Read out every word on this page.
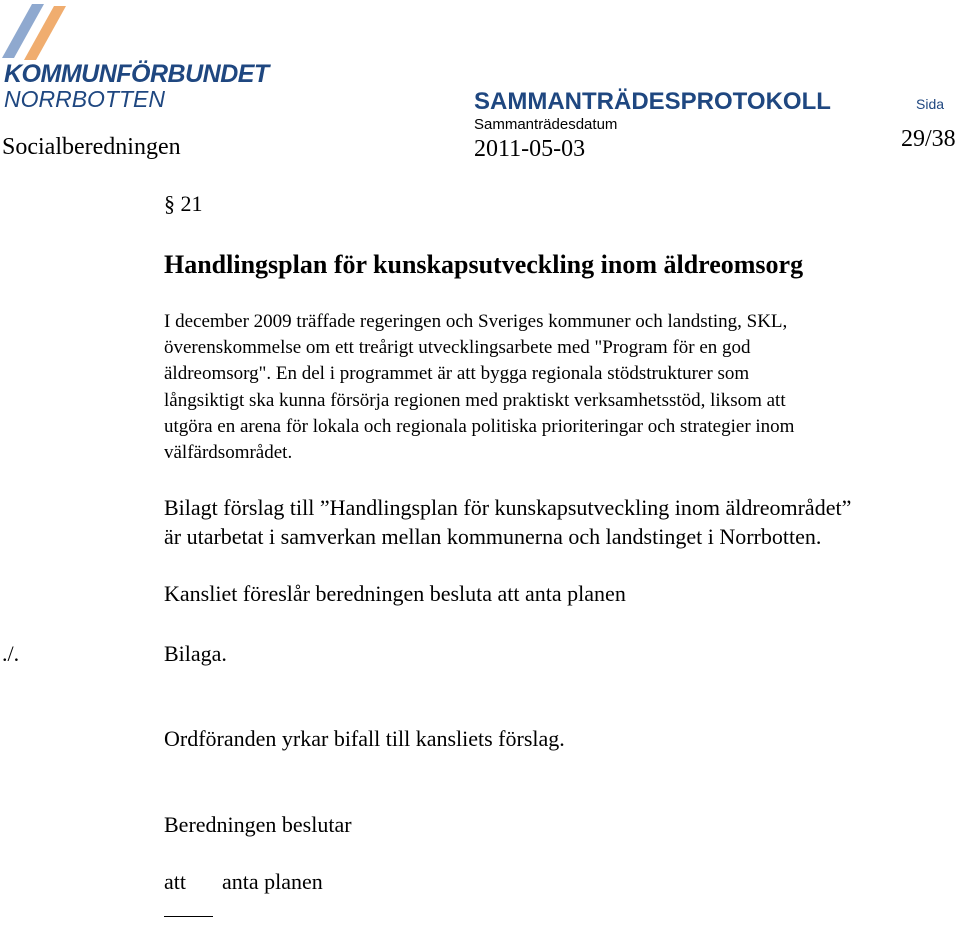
KOMMUNFÖRBUNDET
NORRBOTTEN	SAMMANTRÄDESPROTOKOLL	Sida
Sammanträdesdatum
Socialberedningen	2011-05-03	29/38
§ 21
Handlingsplan för kunskapsutveckling inom äldreomsorg
I december 2009 träffade regeringen och Sveriges kommuner och landsting, SKL,
överenskommelse om ett treårigt utvecklingsarbete med "Program för en god
äldreomsorg". En del i programmet är att bygga regionala stödstrukturer som
långsiktigt ska kunna försörja regionen med praktiskt verksamhetsstöd, liksom att
utgöra en arena för lokala och regionala politiska prioriteringar och strategier inom
välfärdsområdet.
Bilagt förslag till ”Handlingsplan för kunskapsutveckling inom äldreområdet”
är utarbetat i samverkan mellan kommunerna och landstinget i Norrbotten.
Kansliet föreslår beredningen besluta att anta planen
./.	Bilaga.
Ordföranden yrkar bifall till kansliets förslag.
Beredningen beslutar
att anta planen
